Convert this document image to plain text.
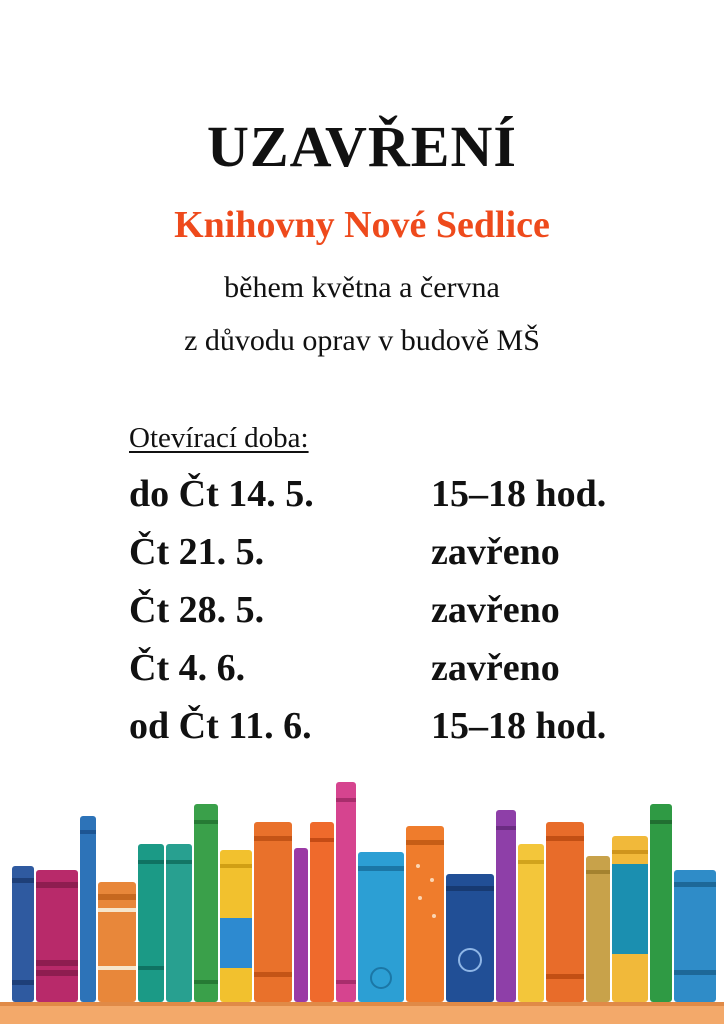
UZAVŘENÍ
Knihovny Nové Sedlice
během května a června
z důvodu oprav v budově MŠ
Otevírací doba:
do Čt 14. 5.	15–18 hod.
Čt 21. 5.	zavřeno
Čt 28. 5.	zavřeno
Čt 4. 6.	zavřeno
od Čt 11. 6.	15–18 hod.
